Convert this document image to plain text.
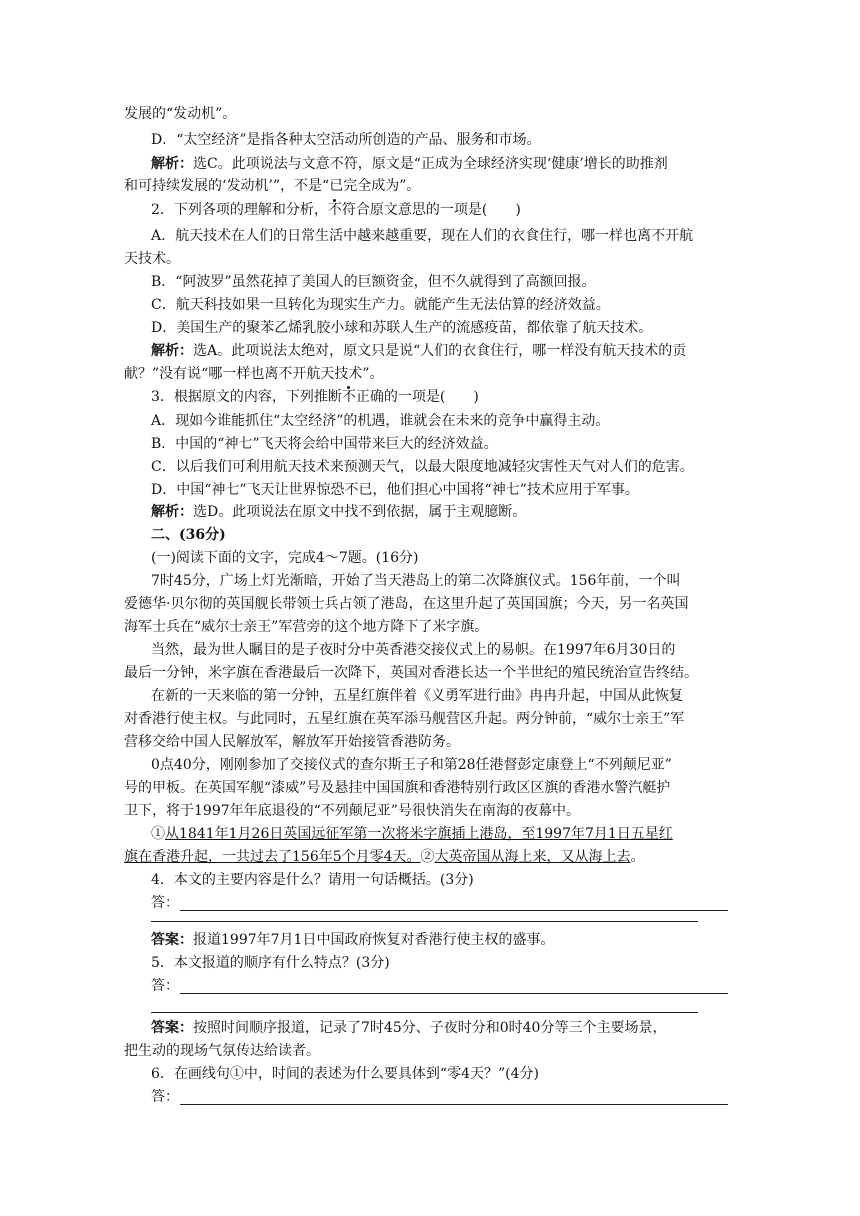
发展的“发动机”。
D．“太空经济”是指各种太空活动所创造的产品、服务和市场。
解析：选C。此项说法与文意不符，原文是“正成为全球经济实现‘健康’增长的助推剂
和可持续发展的‘发动机’”，不是“已完全成为”。
2．下列各项的理解和分析，不符合原文意思的一项是(　　)
A．航天技术在人们的日常生活中越来越重要，现在人们的衣食住行，哪一样也离不开航
天技术。
B．“阿波罗”虽然花掉了美国人的巨额资金，但不久就得到了高额回报。
C．航天科技如果一旦转化为现实生产力。就能产生无法估算的经济效益。
D．美国生产的聚苯乙烯乳胶小球和苏联人生产的流感疫苗，都依靠了航天技术。
解析：选A。此项说法太绝对，原文只是说“人们的衣食住行，哪一样没有航天技术的贡
献？”没有说“哪一样也离不开航天技术”。
3．根据原文的内容，下列推断不正确的一项是(　　)
A．现如今谁能抓住“太空经济”的机遇，谁就会在未来的竞争中赢得主动。
B．中国的“神七”飞天将会给中国带来巨大的经济效益。
C．以后我们可利用航天技术来预测天气，以最大限度地减轻灾害性天气对人们的危害。
D．中国“神七”飞天让世界惊恐不已，他们担心中国将“神七”技术应用于军事。
解析：选D。此项说法在原文中找不到依据，属于主观臆断。
二、(36分)
(一)阅读下面的文字，完成4～7题。(16分)
7时45分，广场上灯光渐暗，开始了当天港岛上的第二次降旗仪式。156年前，一个叫
爱德华·贝尔彻的英国舰长带领士兵占领了港岛，在这里升起了英国国旗；今天，另一名英国
海军士兵在“威尔士亲王”军营旁的这个地方降下了米字旗。
当然，最为世人瞩目的是子夜时分中英香港交接仪式上的易帜。在1997年6月30日的
最后一分钟，米字旗在香港最后一次降下，英国对香港长达一个半世纪的殖民统治宣告终结。
在新的一天来临的第一分钟，五星红旗伴着《义勇军进行曲》冉冉升起，中国从此恢复
对香港行使主权。与此同时，五星红旗在英军添马舰营区升起。两分钟前，“威尔士亲王”军
营移交给中国人民解放军，解放军开始接管香港防务。
0点40分，刚刚参加了交接仪式的查尔斯王子和第28任港督彭定康登上“不列颠尼亚”
号的甲板。在英国军舰“漆威”号及悬挂中国国旗和香港特别行政区区旗的香港水警汽艇护
卫下，将于1997年年底退役的“不列颠尼亚”号很快消失在南海的夜幕中。
①从1841年1月26日英国远征军第一次将米字旗插上港岛，至1997年7月1日五星红
旗在香港升起，一共过去了156年5个月零4天。②大英帝国从海上来，又从海上去。
4．本文的主要内容是什么？请用一句话概括。(3分)
答：
答案：报道1997年7月1日中国政府恢复对香港行使主权的盛事。
5．本文报道的顺序有什么特点？(3分)
答：
答案：按照时间顺序报道，记录了7时45分、子夜时分和0时40分等三个主要场景，
把生动的现场气氛传达给读者。
6．在画线句①中，时间的表述为什么要具体到“零4天？”(4分)
答：
